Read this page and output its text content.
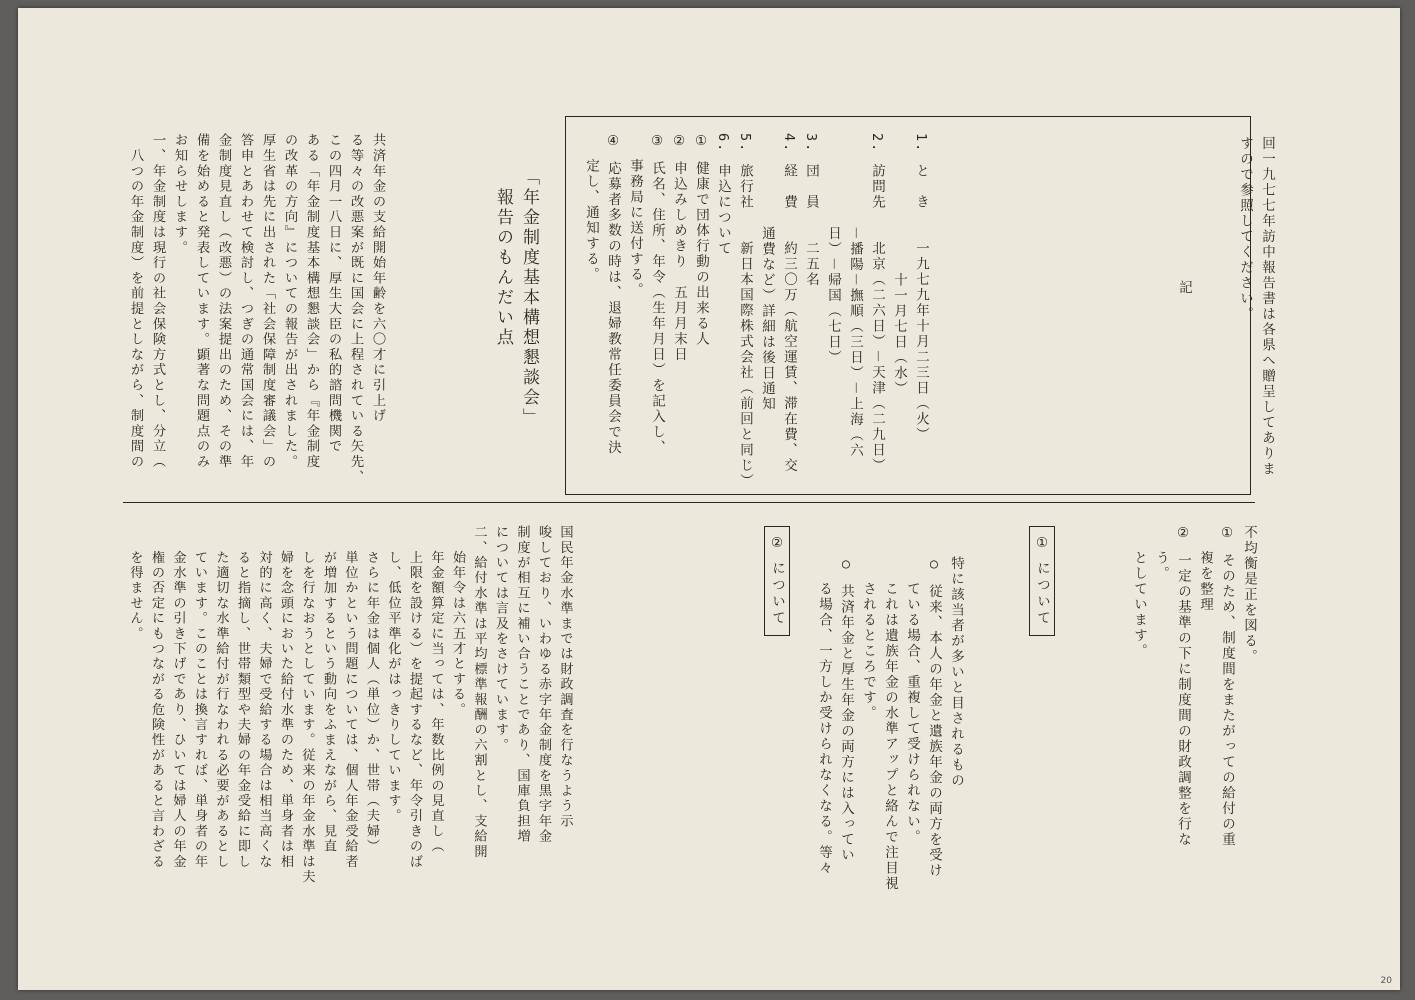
回一九七七年訪中報告書は各県へ贈呈してありま
すので参照してください。
記
1. と　き　　一九七九年十月二三日（火）
　　　　　　　　　十一月七日（水）
2. 訪問先　　北京（二六日）－天津（二九日）
　　　　　　－播陽－撫順（三日）－上海（六
　　　　　　日）－帰国（七日）
3. 団　員　　二五名
4. 経　費　　約三〇万（航空運賃、滞在費、交
　　　　　　通費など）詳細は後日通知
5. 旅行社　　新日本国際株式会社（前回と同じ）
6. 申込について
① 健康で団体行動の出来る人
② 申込みしめきり　五月月末日
③ 氏名、住所、年令（生年月日）を記入し、
　 事務局に送付する。
④ 応募者多数の時は、退婦教常任委員会で決
　 定し、通知する。
「年金制度基本構想懇談会」
　報告のもんだい点
共済年金の支給開始年齢を六〇才に引上げ
る等々の改悪案が既に国会に上程されている矢先、
この四月一八日に、厚生大臣の私的諮問機関で
ある「年金制度基本構想懇談会」から『年金制度
の改革の方向』についての報告が出されました。
厚生省は先に出された「社会保障制度審議会」の
答申とあわせて検討し、つぎの通常国会には、年
金制度見直し（改悪）の法案提出のため、その準
備を始めると発表しています。顕著な問題点のみ
お知らせします。
一、年金制度は現行の社会保険方式とし、分立（
　八つの年金制度）を前提としながら、制度間の
不均衡是正を図る。
① そのため、制度間をまたがっての給付の重
　 複を整理
② 一定の基準の下に制度間の財政調整を行な
　 う。
　 としています。
① について
特に該当者が多いと目されるもの
○ 従来、本人の年金と遺族年金の両方を受け
　 ている場合、重複して受けられない。
　 これは遺族年金の水準アップと絡んで注目視
　 されるところです。
○ 共済年金と厚生年金の両方には入ってい
　 る場合、一方しか受けられなくなる。等々
② について
国民年金水準までは財政調査を行なうよう示
唆しており、いわゆる赤字年金制度を黒字年金
制度が相互に補い合うことであり、国庫負担増
については言及をさけています。
二、給付水準は平均標準報酬の六割とし、支給開
　 始年令は六五才とする。
　 年金額算定に当っては、年数比例の見直し（
　 上限を設ける）を提起するなど、年令引きのば
　 し、低位平準化がはっきりしています。
　 さらに年金は個人（単位）か、世帯（夫婦）
　 単位かという問題については、個人年金受給者
　 が増加するという動向をふまえながら、見直
　 しを行なおうとしています。従来の年金水準は夫
　 婦を念頭においた給付水準のため、単身者は相
　 対的に高く、夫婦で受給する場合は相当高くな
　 ると指摘し、世帯類型や夫婦の年金受給に即し
　 た適切な水準給付が行なわれる必要があるとし
　 ています。このことは換言すれば、単身者の年
　 金水準の引き下げであり、ひいては婦人の年金
　 権の否定にもつながる危険性があると言わざる
　 を得ません。
20
